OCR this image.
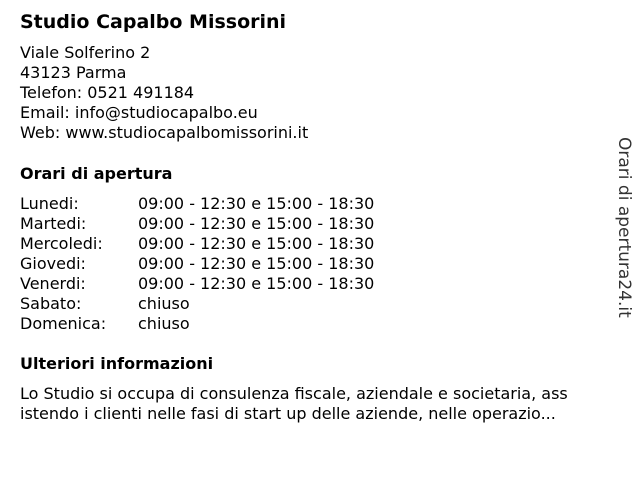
Studio Capalbo Missorini
Viale Solferino 2
43123 Parma
Telefon: 0521 491184
Email: info@studiocapalbo.eu
Web: www.studiocapalbomissorini.it
Orari di apertura
Lunedi:	09:00 - 12:30 e 15:00 - 18:30
Martedi:	09:00 - 12:30 e 15:00 - 18:30
Mercoledi: 09:00 - 12:30 e 15:00 - 18:30
Giovedi:	09:00 - 12:30 e 15:00 - 18:30
Venerdi:	09:00 - 12:30 e 15:00 - 18:30
Sabato:	chiuso
Domenica: chiuso
Ulteriori informazioni
Lo Studio si occupa di consulenza fiscale, aziendale e societaria, ass
istendo i clienti nelle fasi di start up delle aziende, nelle operazio...
Orari di apertura24.it
